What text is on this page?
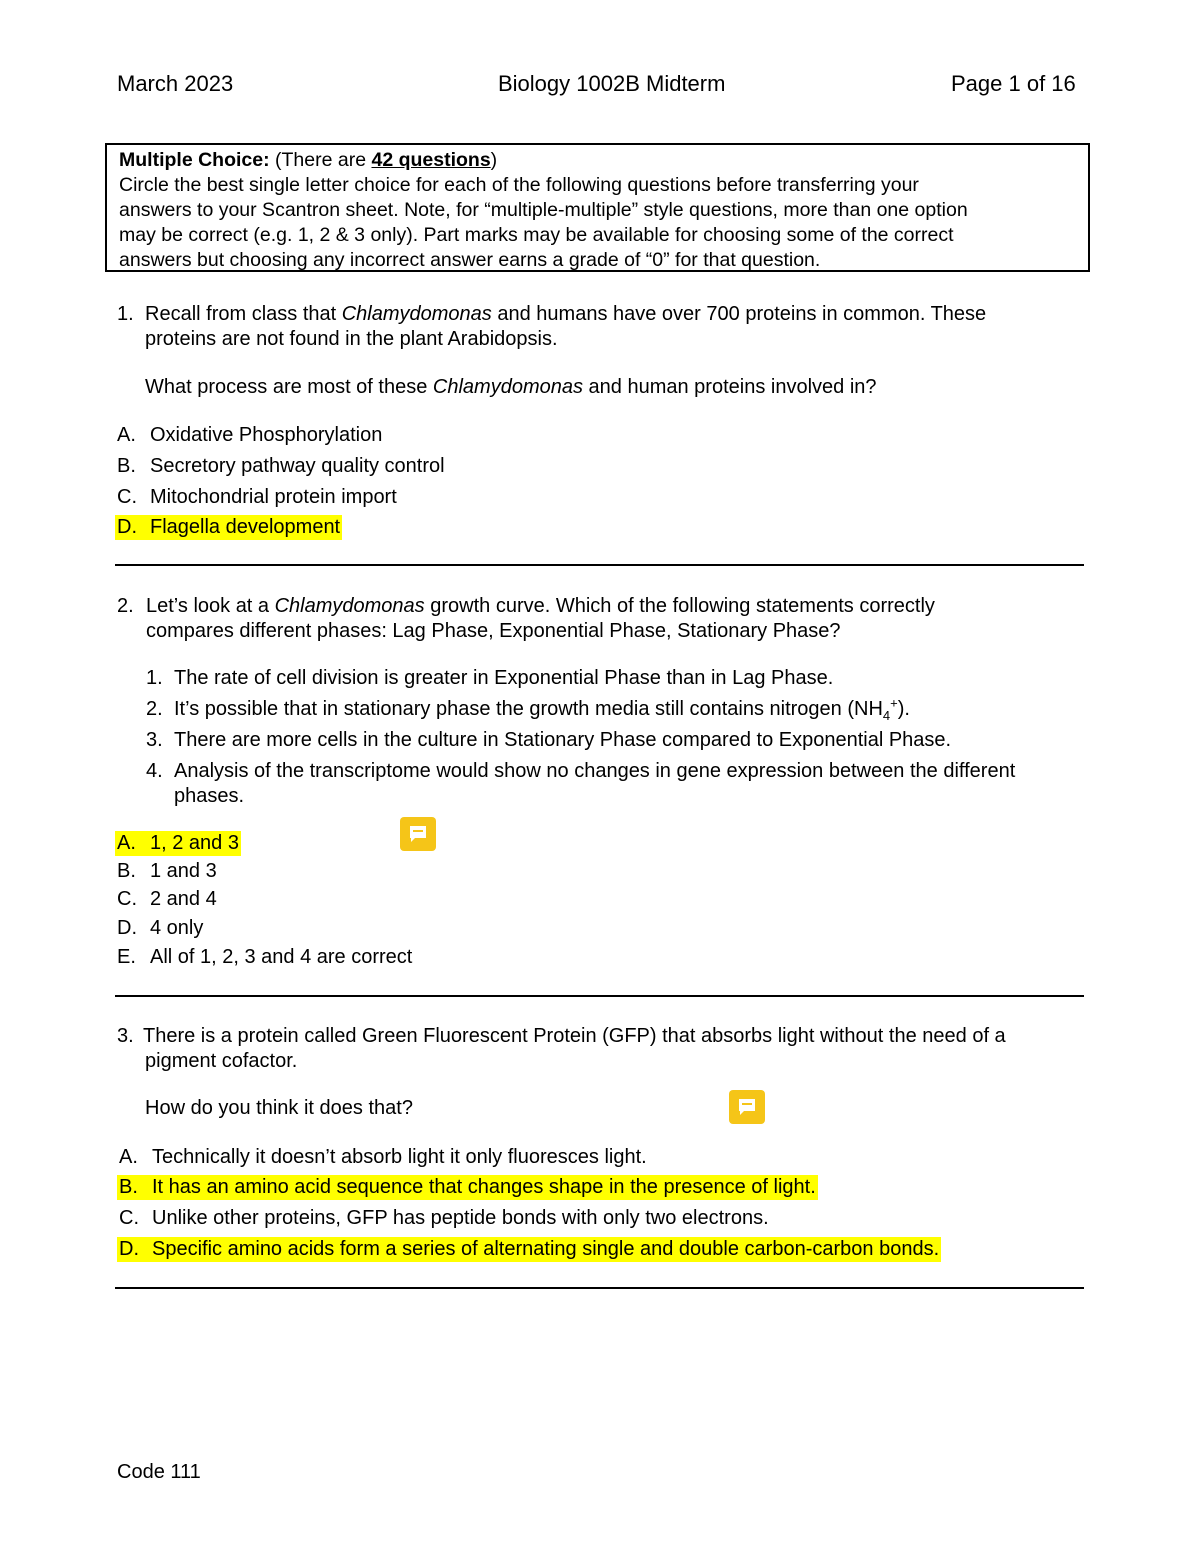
March 2023	Biology 1002B Midterm	Page 1 of 16
Multiple Choice: (There are 42 questions)
Circle the best single letter choice for each of the following questions before transferring your
answers to your Scantron sheet. Note, for “multiple-multiple” style questions, more than one option
may be correct (e.g. 1, 2 & 3 only). Part marks may be available for choosing some of the correct
answers but choosing any incorrect answer earns a grade of “0” for that question.
1. Recall from class that Chlamydomonas and humans have over 700 proteins in common. These
proteins are not found in the plant Arabidopsis.
What process are most of these Chlamydomonas and human proteins involved in?
A. Oxidative Phosphorylation
B. Secretory pathway quality control
C. Mitochondrial protein import
D. Flagella development
2. Let’s look at a Chlamydomonas growth curve. Which of the following statements correctly
compares different phases: Lag Phase, Exponential Phase, Stationary Phase?
1. The rate of cell division is greater in Exponential Phase than in Lag Phase.
2. It’s possible that in stationary phase the growth media still contains nitrogen $(NH_4^+)$.
3. There are more cells in the culture in Stationary Phase compared to Exponential Phase.
4. Analysis of the transcriptome would show no changes in gene expression between the different
phases.
A. 1, 2 and 3
B. 1 and 3
C. 2 and 4
D. 4 only
E. All of 1, 2, 3 and 4 are correct
3. There is a protein called Green Fluorescent Protein (GFP) that absorbs light without the need of a
pigment cofactor.
How do you think it does that?
A. Technically it doesn’t absorb light it only fluoresces light.
B. It has an amino acid sequence that changes shape in the presence of light.
C. Unlike other proteins, GFP has peptide bonds with only two electrons.
D. Specific amino acids form a series of alternating single and double carbon-carbon bonds.
Code 111
